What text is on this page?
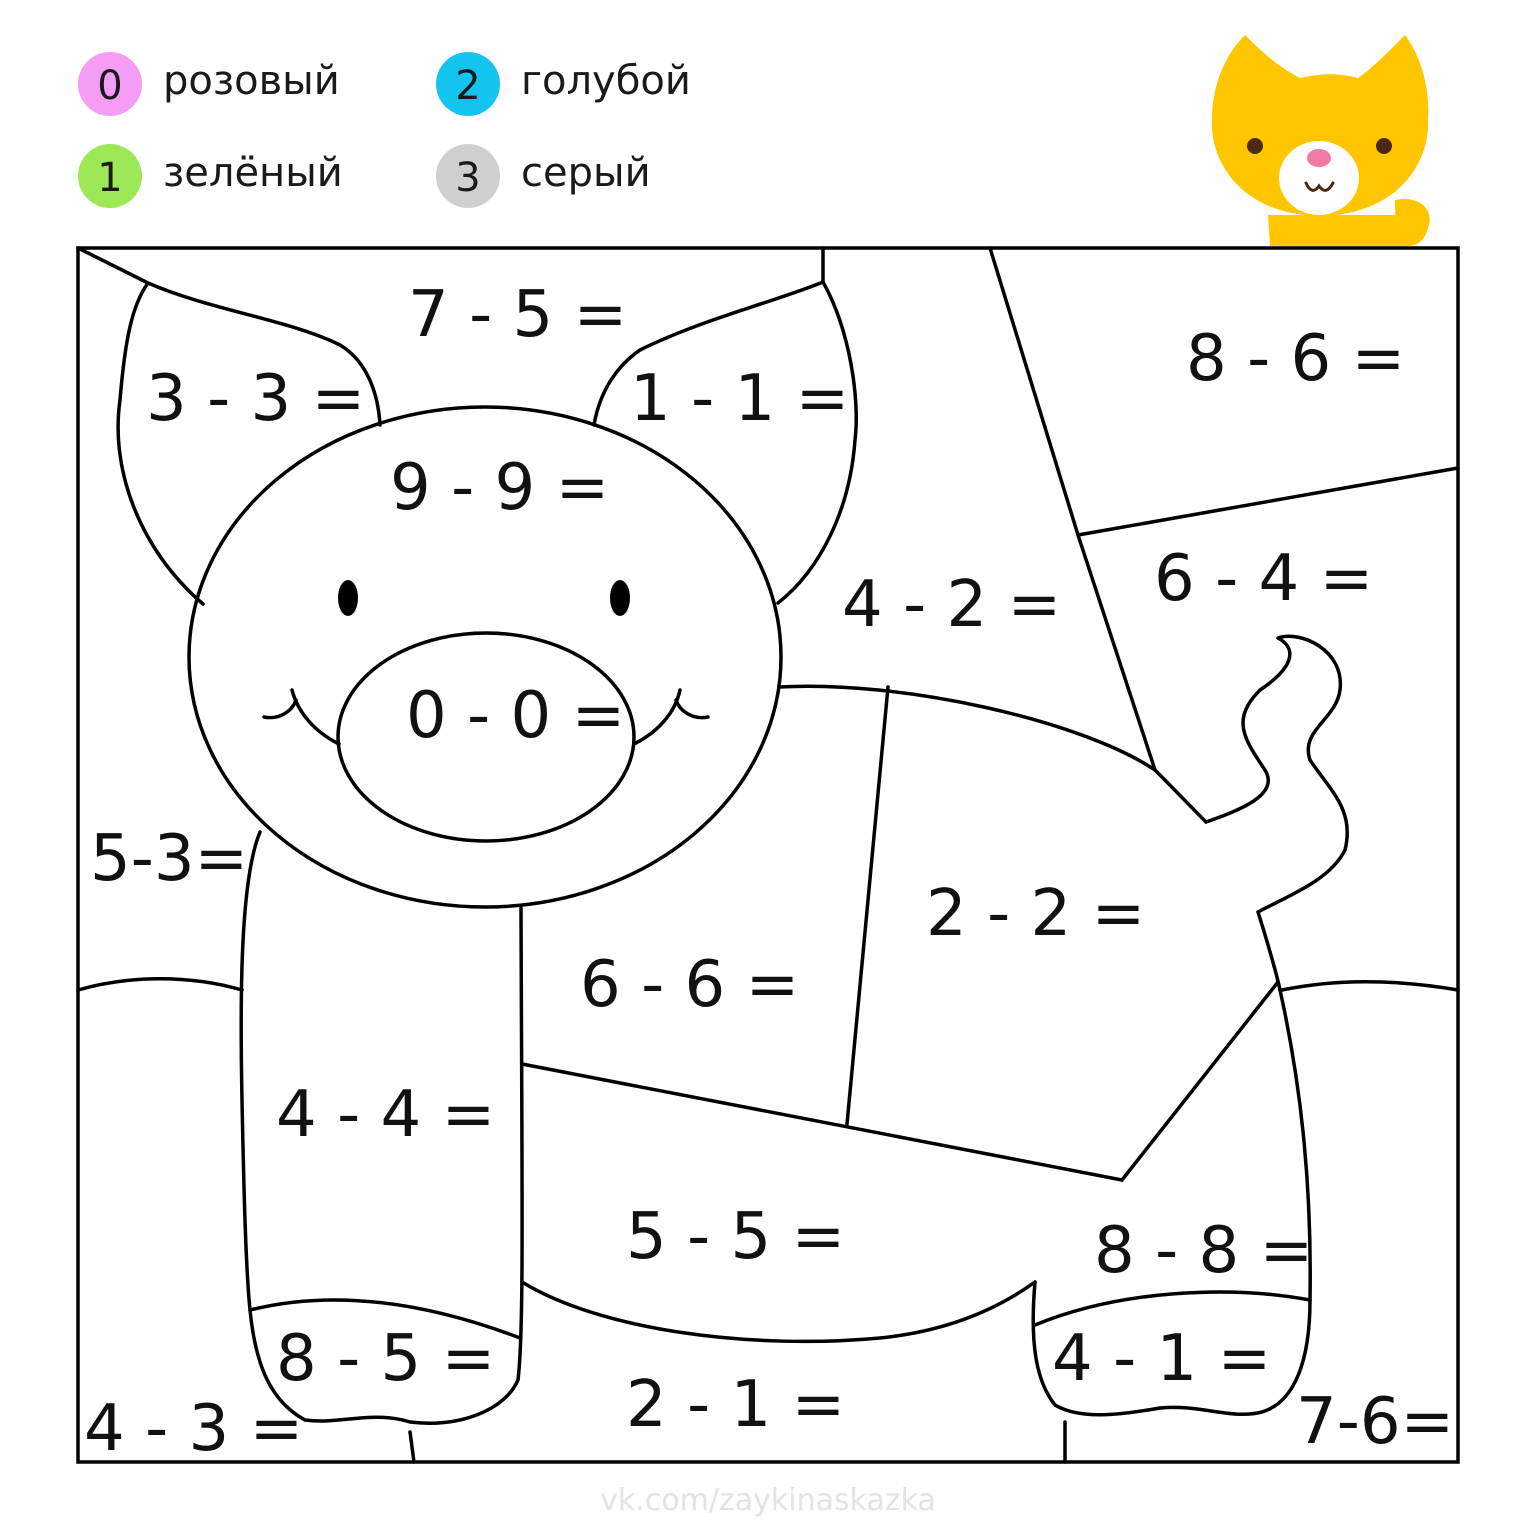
0 розовый
1 зелёный
2 голубой
3 серый
7 - 5 =
3 - 3 =	1 - 1 =
8 - 6 =
9 - 9 =
6 - 4 =
4 - 2 =
0 - 0 =
5-3=
2 - 2 =
6 - 6 =
4 - 4 =
5 - 5 =	8 - 8 =
8 - 5 =	4 - 1 =
2 - 1 =
4 - 3 =	7-6=
vk.com/zaykinaskazka
